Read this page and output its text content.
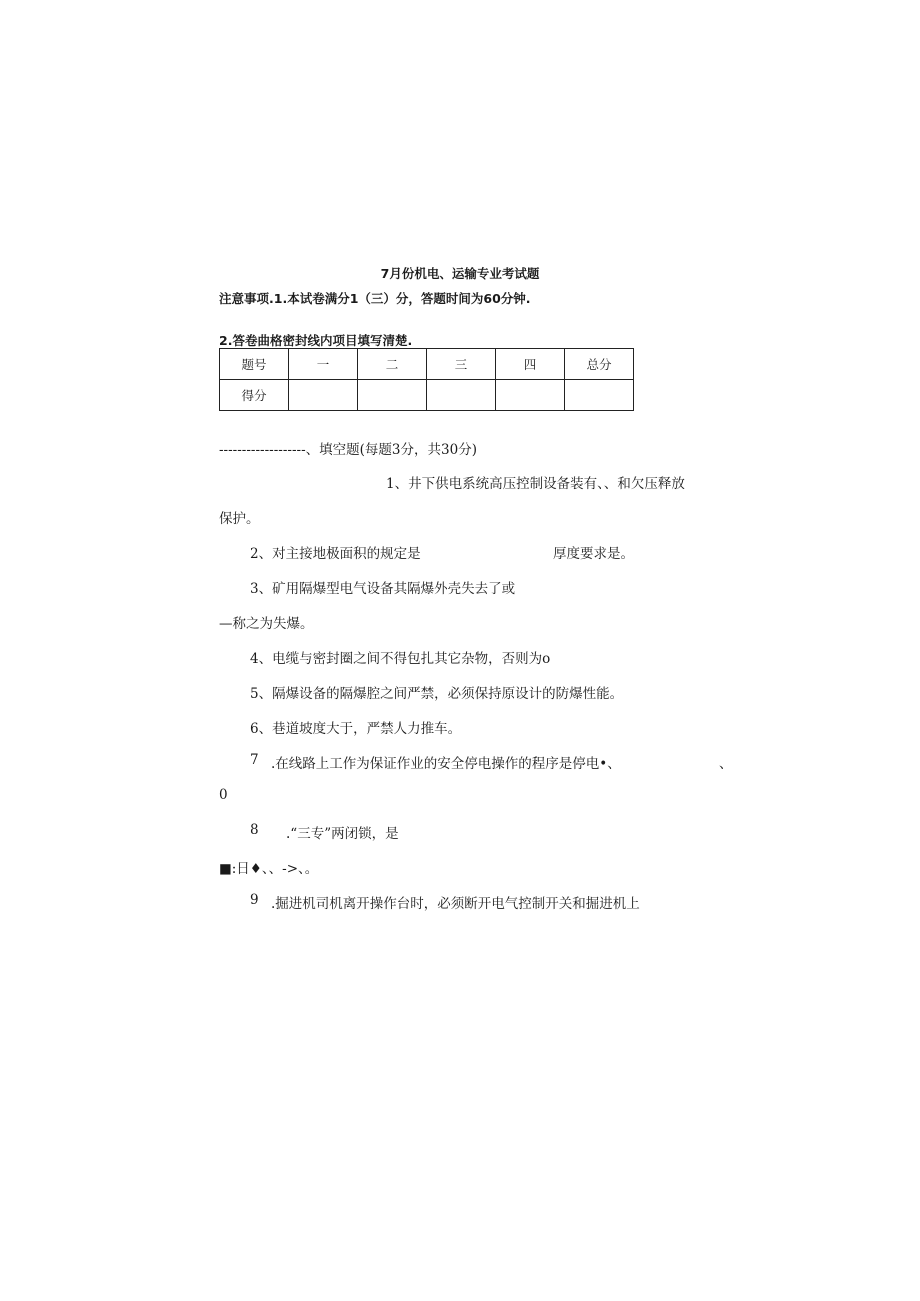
7月份机电、运输专业考试题
注意事项.1.本试卷满分1（三）分，答题时间为60分钟.
2.答卷曲格密封线内项目填写清楚.
题号	一	二	三	四	总分
得分					
-------------------、填空题(每题3分，共30分)
1、井下供电系统高压控制设备装有、、和欠压释放
保护。
2、对主接地极面积的规定是	厚度要求是。
3、矿用隔爆型电气设备其隔爆外壳失去了或
—称之为失爆。
4、电缆与密封圈之间不得包扎其它杂物，否则为o
5、隔爆设备的隔爆腔之间严禁，必须保持原设计的防爆性能。
6、巷道坡度大于，严禁人力推车。
7 .在线路上工作为保证作业的安全停电操作的程序是停电•、	、
0
8 .“三专”两闭锁，是
■:日♦、、->、。
9 .掘进机司机离开操作台时，必须断开电气控制开关和掘进机上
